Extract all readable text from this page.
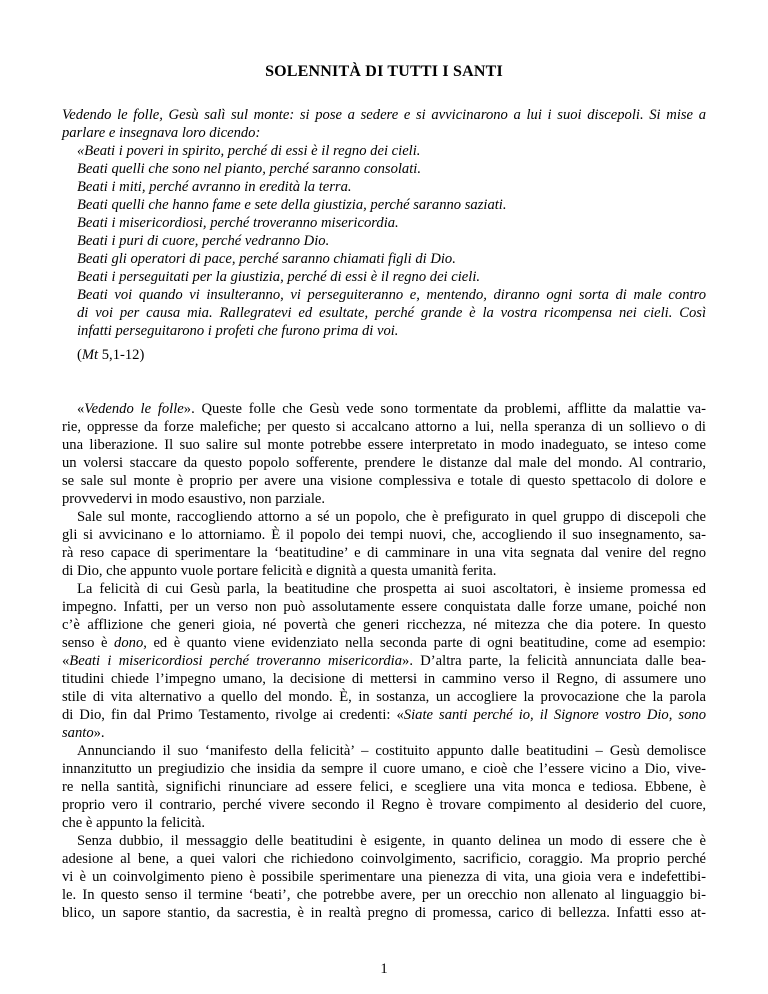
SOLENNITÀ DI TUTTI I SANTI
Vedendo le folle, Gesù salì sul monte: si pose a sedere e si avvicinarono a lui i suoi discepoli. Si mise a
parlare e insegnava loro dicendo:
«Beati i poveri in spirito, perché di essi è il regno dei cieli.
Beati quelli che sono nel pianto, perché saranno consolati.
Beati i miti, perché avranno in eredità la terra.
Beati quelli che hanno fame e sete della giustizia, perché saranno saziati.
Beati i misericordiosi, perché troveranno misericordia.
Beati i puri di cuore, perché vedranno Dio.
Beati gli operatori di pace, perché saranno chiamati figli di Dio.
Beati i perseguitati per la giustizia, perché di essi è il regno dei cieli.
Beati voi quando vi insulteranno, vi perseguiteranno e, mentendo, diranno ogni sorta di male contro
di voi per causa mia. Rallegratevi ed esultate, perché grande è la vostra ricompensa nei cieli. Così
infatti perseguitarono i profeti che furono prima di voi.
(Mt 5,1-12)
«Vedendo le folle». Queste folle che Gesù vede sono tormentate da problemi, afflitte da malattie va-
rie, oppresse da forze malefiche; per questo si accalcano attorno a lui, nella speranza di un sollievo o di
una liberazione. Il suo salire sul monte potrebbe essere interpretato in modo inadeguato, se inteso come
un volersi staccare da questo popolo sofferente, prendere le distanze dal male del mondo. Al contrario,
se sale sul monte è proprio per avere una visione complessiva e totale di questo spettacolo di dolore e
provvedervi in modo esaustivo, non parziale.
Sale sul monte, raccogliendo attorno a sé un popolo, che è prefigurato in quel gruppo di discepoli che
gli si avvicinano e lo attorniamo. È il popolo dei tempi nuovi, che, accogliendo il suo insegnamento, sa-
rà reso capace di sperimentare la ‘beatitudine’ e di camminare in una vita segnata dal venire del regno
di Dio, che appunto vuole portare felicità e dignità a questa umanità ferita.
La felicità di cui Gesù parla, la beatitudine che prospetta ai suoi ascoltatori, è insieme promessa ed
impegno. Infatti, per un verso non può assolutamente essere conquistata dalle forze umane, poiché non
c’è afflizione che generi gioia, né povertà che generi ricchezza, né mitezza che dia potere. In questo
senso è dono, ed è quanto viene evidenziato nella seconda parte di ogni beatitudine, come ad esempio:
«Beati i misericordiosi perché troveranno misericordia». D’altra parte, la felicità annunciata dalle bea-
titudini chiede l’impegno umano, la decisione di mettersi in cammino verso il Regno, di assumere uno
stile di vita alternativo a quello del mondo. È, in sostanza, un accogliere la provocazione che la parola
di Dio, fin dal Primo Testamento, rivolge ai credenti: «Siate santi perché io, il Signore vostro Dio, sono
santo».
Annunciando il suo ‘manifesto della felicità’ – costituito appunto dalle beatitudini – Gesù demolisce
innanzitutto un pregiudizio che insidia da sempre il cuore umano, e cioè che l’essere vicino a Dio, vive-
re nella santità, significhi rinunciare ad essere felici, e scegliere una vita monca e tediosa. Ebbene, è
proprio vero il contrario, perché vivere secondo il Regno è trovare compimento al desiderio del cuore,
che è appunto la felicità.
Senza dubbio, il messaggio delle beatitudini è esigente, in quanto delinea un modo di essere che è
adesione al bene, a quei valori che richiedono coinvolgimento, sacrificio, coraggio. Ma proprio perché
vi è un coinvolgimento pieno è possibile sperimentare una pienezza di vita, una gioia vera e indefettibi-
le. In questo senso il termine ‘beati’, che potrebbe avere, per un orecchio non allenato al linguaggio bi-
blico, un sapore stantio, da sacrestia, è in realtà pregno di promessa, carico di bellezza. Infatti esso at-
1
